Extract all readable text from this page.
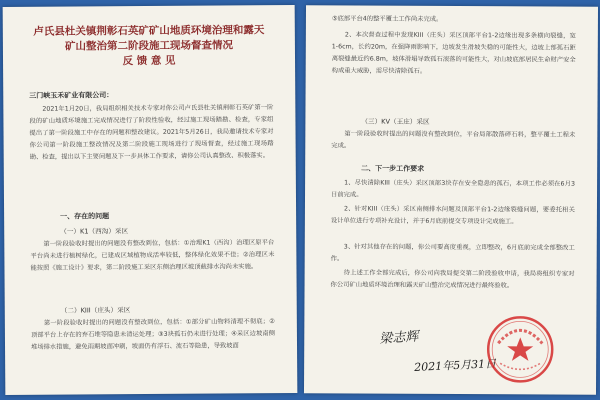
卢氏县杜关镇荆彰石英矿矿山地质环境治理和露天
矿山整治第二阶段施工现场督查情况
反 馈 意 见
三门峡玉禾矿业有限公司：
2021年1月20日，我局组织相关技术专家对你公司卢氏县杜关镇荆彰石英矿第一阶段的矿山地质环境施工完成情况进行了阶段性验收，经过施工现场踏勘、检查，专家组提出了第一阶段施工中存在的问题和整改建议。2021年5月26日，我局邀请技术专家对你公司第一阶段施工整改情况及第二阶段施工现场进行了现场督查，经过施工现场踏勘、检查，提出以下主要问题及下一步具体工作要求，请你公司认真整改、积极落实。
一、存在的问题
（一）K1（西沟）采区
第一阶段验收时提出的问题没有整改到位，包括：①治理K1（西沟）治理区原平台平台尚未进行植树绿化，已建成区域植物成活率较低，整体绿化效果不佳；②治理区未能按照《施工设计》要求，第二阶段施工采区东侧治理区坡顶截排水沟尚未实施。
（二）KIII（庄头）采区
第一阶段验收时提出的问题没有整改到位，包括：①部分矿山物料清理不彻底；②顶部平台上存在的弃石堆等隐患未清运处理；③3块孤石仍未进行处理；④采区边坡南侧堆场排水措施，避免雨期坡面冲刷，坡面仍有浮石、流石等隐患，导致坡面
⑤底部平台4的整平覆土工作尚未完成。
2、本次督查过程中发现KIII（庄头）采区顶部平台1-2边缘出现多条横向裂缝，宽1-6cm，长约20m，在强降雨影响下，边坡发生滑坡失稳的可能性大，边坡上部孤石距离裂缝最近约6.8m，坡体滑塌导致孤石滚落的可能性大，对山坡底部居民生命财产安全构成重大威胁，需尽快清除孤石。
（三）KV（王庄）采区
第一阶段验收时提出的问题没有整改到位，平台局部散落碎石料，整平覆土工程未完成。
二、下一步工作要求
1、尽快清除KIII（庄头）采区顶部3块存在安全隐患的孤石，本项工作必须在6月3日前完成。
2、针对KIII（庄头）采区南侧排水问题及顶部平台1-2边缘裂缝问题，要委托相关设计单位进行专项补充设计，并于6月底前提交专项设计完成施工。
3、针对其他存在的问题，你公司要高度重视，立即整改，6月底前完成全部整改工作。
待上述工作全部完成后，你公司向我局提交第二阶段验收申请，我局将组织专家对你公司矿山地质环境治理和露天矿山整治完成情况进行最终验收。
梁志辉
2021年5月31日
